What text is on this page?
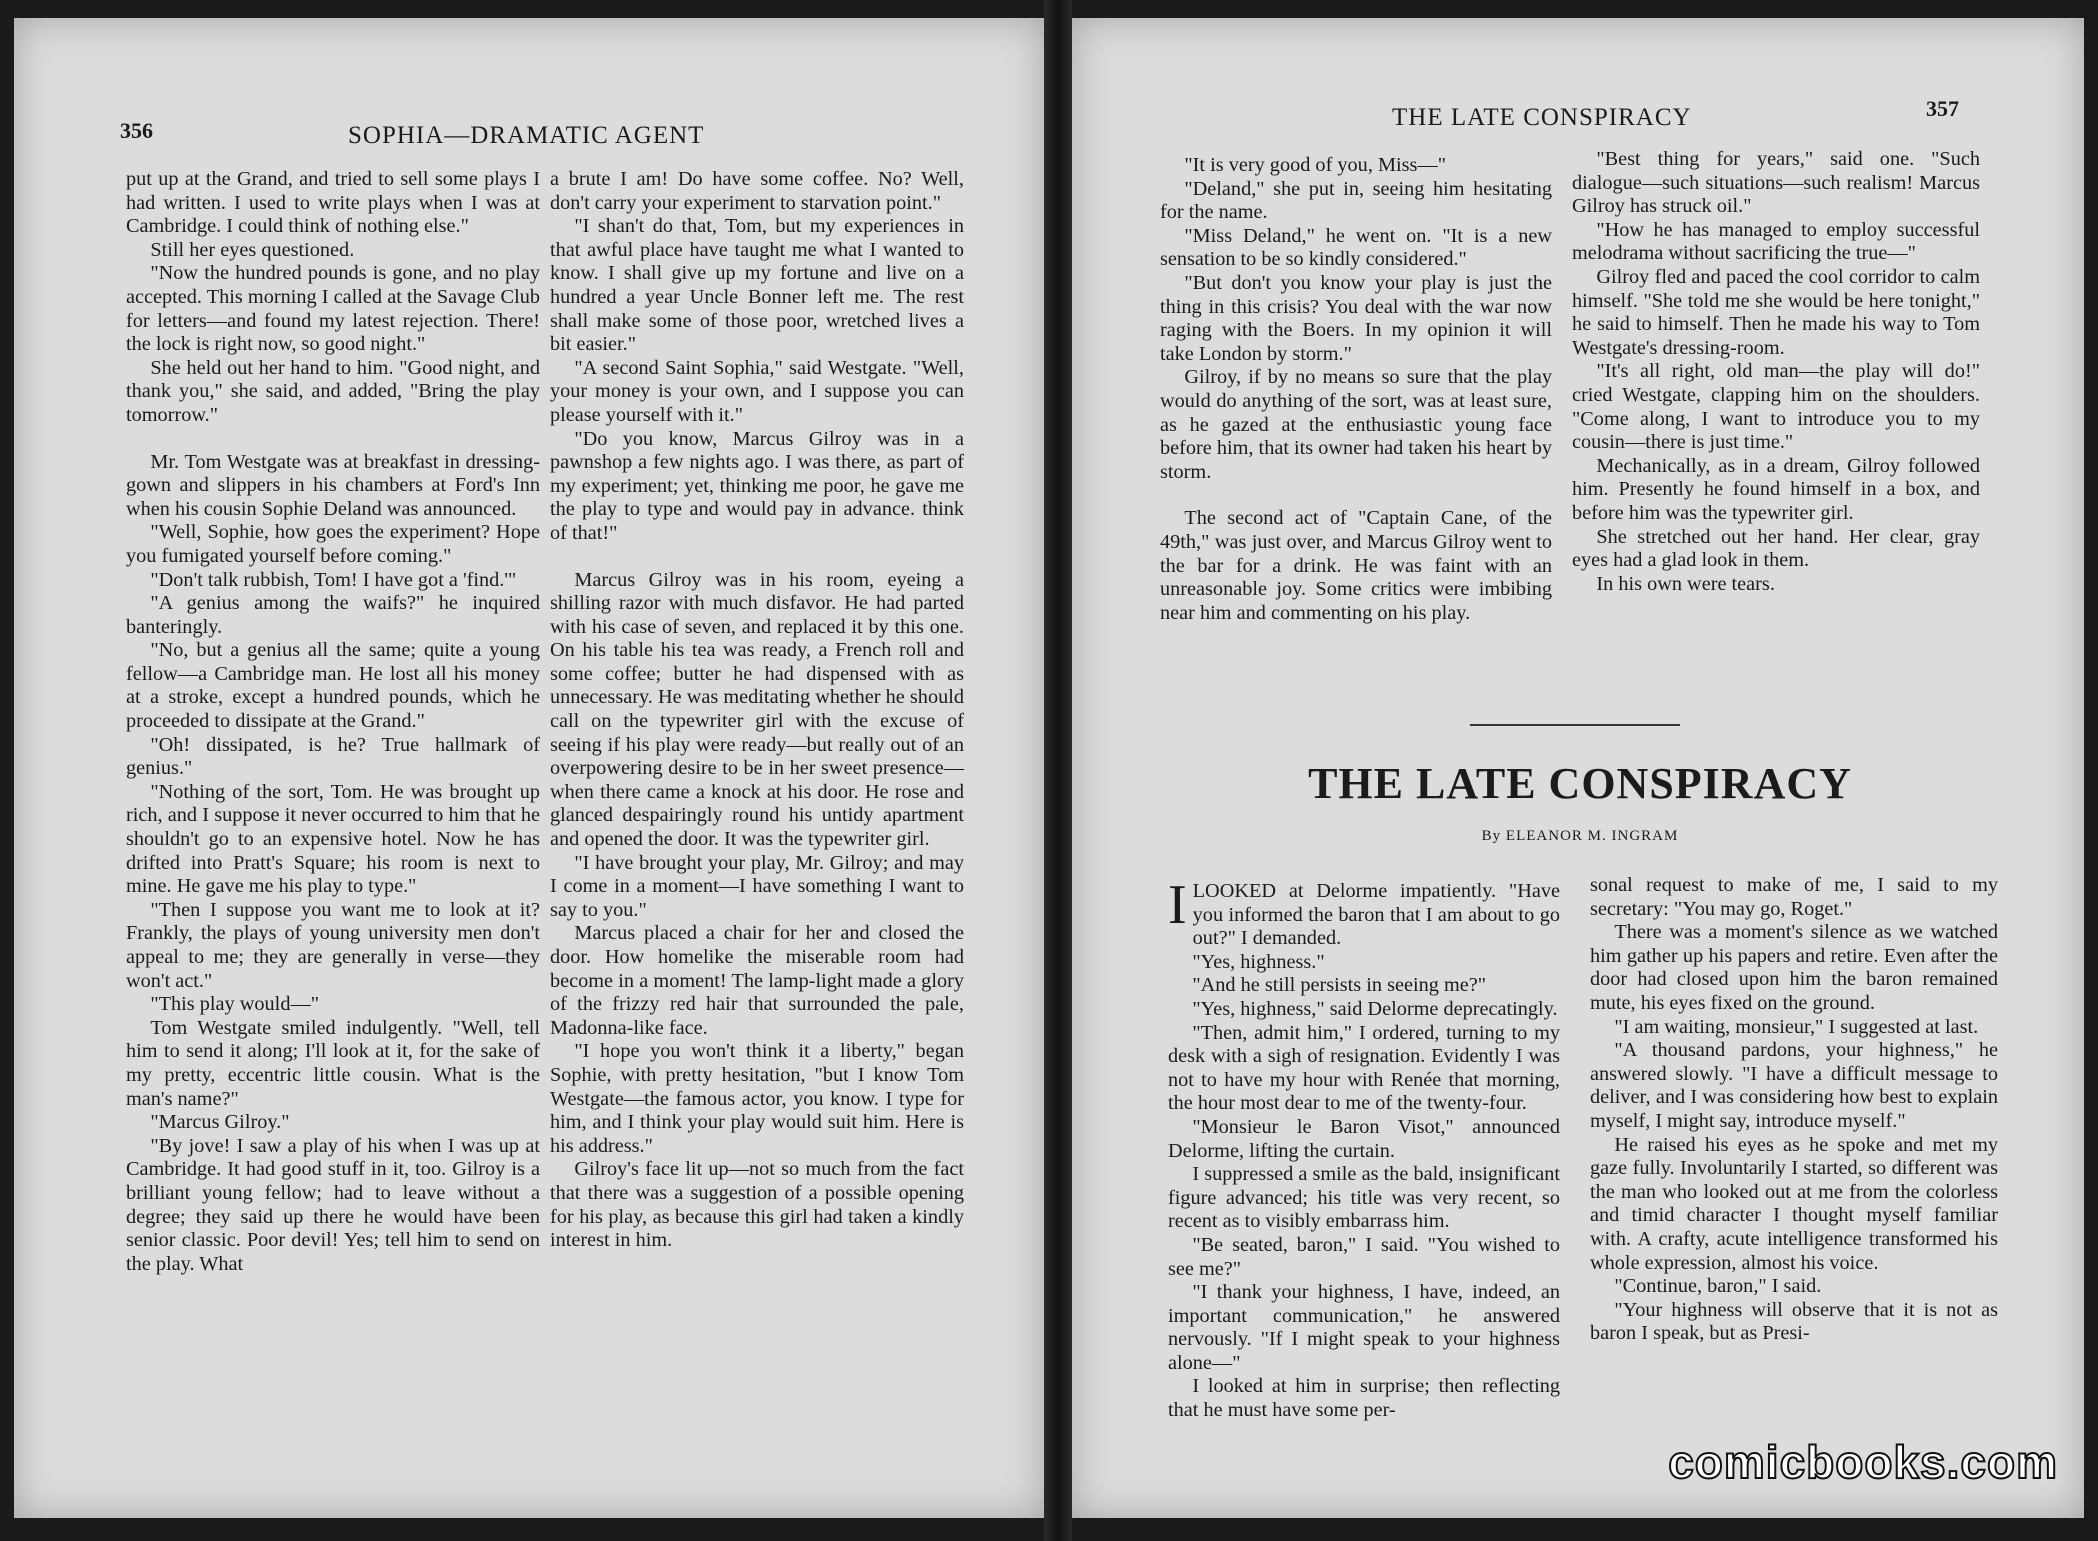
356	SOPHIA—DRAMATIC AGENT

put up at the Grand, and tried to sell some plays I had written. I used to write plays when I was at Cambridge. I could think of nothing else."

Still her eyes questioned.

"Now the hundred pounds is gone, and no play accepted. This morning I called at the Savage Club for letters—and found my latest rejection. There! the lock is right now, so good night."

She held out her hand to him. "Good night, and thank you," she said, and added, "Bring the play tomorrow."

Mr. Tom Westgate was at breakfast in dressing-gown and slippers in his chambers at Ford's Inn when his cousin Sophie Deland was announced.

"Well, Sophie, how goes the experiment? Hope you fumigated yourself before coming."

"Don't talk rubbish, Tom! I have got a 'find.'"

"A genius among the waifs?" he inquired banteringly.

"No, but a genius all the same; quite a young fellow—a Cambridge man. He lost all his money at a stroke, except a hundred pounds, which he proceeded to dissipate at the Grand."

"Oh! dissipated, is he? True hallmark of genius."

"Nothing of the sort, Tom. He was brought up rich, and I suppose it never occurred to him that he shouldn't go to an expensive hotel. Now he has drifted into Pratt's Square; his room is next to mine. He gave me his play to type."

"Then I suppose you want me to look at it? Frankly, the plays of young university men don't appeal to me; they are generally in verse—they won't act."

"This play would—"

Tom Westgate smiled indulgently. "Well, tell him to send it along; I'll look at it, for the sake of my pretty, eccentric little cousin. What is the man's name?"

"Marcus Gilroy."

"By jove! I saw a play of his when I was up at Cambridge. It had good stuff in it, too. Gilroy is a brilliant young fellow; had to leave without a degree; they said up there he would have been senior classic. Poor devil! Yes; tell him to send on the play. What

a brute I am! Do have some coffee. No? Well, don't carry your experiment to starvation point."

"I shan't do that, Tom, but my experiences in that awful place have taught me what I wanted to know. I shall give up my fortune and live on a hundred a year Uncle Bonner left me. The rest shall make some of those poor, wretched lives a bit easier."

"A second Saint Sophia," said Westgate. "Well, your money is your own, and I suppose you can please yourself with it."

"Do you know, Marcus Gilroy was in a pawnshop a few nights ago. I was there, as part of my experiment; yet, thinking me poor, he gave me the play to type and would pay in advance. think of that!"

Marcus Gilroy was in his room, eyeing a shilling razor with much disfavor. He had parted with his case of seven, and replaced it by this one. On his table his tea was ready, a French roll and some coffee; butter he had dispensed with as unnecessary. He was meditating whether he should call on the typewriter girl with the excuse of seeing if his play were ready—but really out of an overpowering desire to be in her sweet presence—when there came a knock at his door. He rose and glanced despairingly round his untidy apartment and opened the door. It was the typewriter girl.

"I have brought your play, Mr. Gilroy; and may I come in a moment—I have something I want to say to you."

Marcus placed a chair for her and closed the door. How homelike the miserable room had become in a moment! The lamp-light made a glory of the frizzy red hair that surrounded the pale, Madonna-like face.

"I hope you won't think it a liberty," began Sophie, with pretty hesitation, "but I know Tom Westgate—the famous actor, you know. I type for him, and I think your play would suit him. Here is his address."

Gilroy's face lit up—not so much from the fact that there was a suggestion of a possible opening for his play, as because this girl had taken a kindly interest in him.

THE LATE CONSPIRACY	357

"It is very good of you, Miss—"

"Deland," she put in, seeing him hesitating for the name.

"Miss Deland," he went on. "It is a new sensation to be so kindly considered."

"But don't you know your play is just the thing in this crisis? You deal with the war now raging with the Boers. In my opinion it will take London by storm."

Gilroy, if by no means so sure that the play would do anything of the sort, was at least sure, as he gazed at the enthusiastic young face before him, that its owner had taken his heart by storm.

The second act of "Captain Cane, of the 49th," was just over, and Marcus Gilroy went to the bar for a drink. He was faint with an unreasonable joy. Some critics were imbibing near him and commenting on his play.

"Best thing for years," said one. "Such dialogue—such situations—such realism! Marcus Gilroy has struck oil."

"How he has managed to employ successful melodrama without sacrificing the true—"

Gilroy fled and paced the cool corridor to calm himself. "She told me she would be here tonight," he said to himself. Then he made his way to Tom Westgate's dressing-room.

"It's all right, old man—the play will do!" cried Westgate, clapping him on the shoulders. "Come along, I want to introduce you to my cousin—there is just time."

Mechanically, as in a dream, Gilroy followed him. Presently he found himself in a box, and before him was the typewriter girl.

She stretched out her hand. Her clear, gray eyes had a glad look in them.

In his own were tears.

THE LATE CONSPIRACY
By ELEANOR M. INGRAM

ILOOKED at Delorme impatiently. "Have you informed the baron that I am about to go out?" I demanded.

"Yes, highness."

"And he still persists in seeing me?"

"Yes, highness," said Delorme deprecatingly.

"Then, admit him," I ordered, turning to my desk with a sigh of resignation. Evidently I was not to have my hour with Renée that morning, the hour most dear to me of the twenty-four.

"Monsieur le Baron Visot," announced Delorme, lifting the curtain.

I suppressed a smile as the bald, insignificant figure advanced; his title was very recent, so recent as to visibly embarrass him.

"Be seated, baron," I said. "You wished to see me?"

"I thank your highness, I have, indeed, an important communication," he answered nervously. "If I might speak to your highness alone—"

I looked at him in surprise; then reflecting that he must have some per-

sonal request to make of me, I said to my secretary: "You may go, Roget."

There was a moment's silence as we watched him gather up his papers and retire. Even after the door had closed upon him the baron remained mute, his eyes fixed on the ground.

"I am waiting, monsieur," I suggested at last.

"A thousand pardons, your highness," he answered slowly. "I have a difficult message to deliver, and I was considering how best to explain myself, I might say, introduce myself."

He raised his eyes as he spoke and met my gaze fully. Involuntarily I started, so different was the man who looked out at me from the colorless and timid character I thought myself familiar with. A crafty, acute intelligence transformed his whole expression, almost his voice.

"Continue, baron," I said.

"Your highness will observe that it is not as baron I speak, but as Presi-

comicbooks.com
